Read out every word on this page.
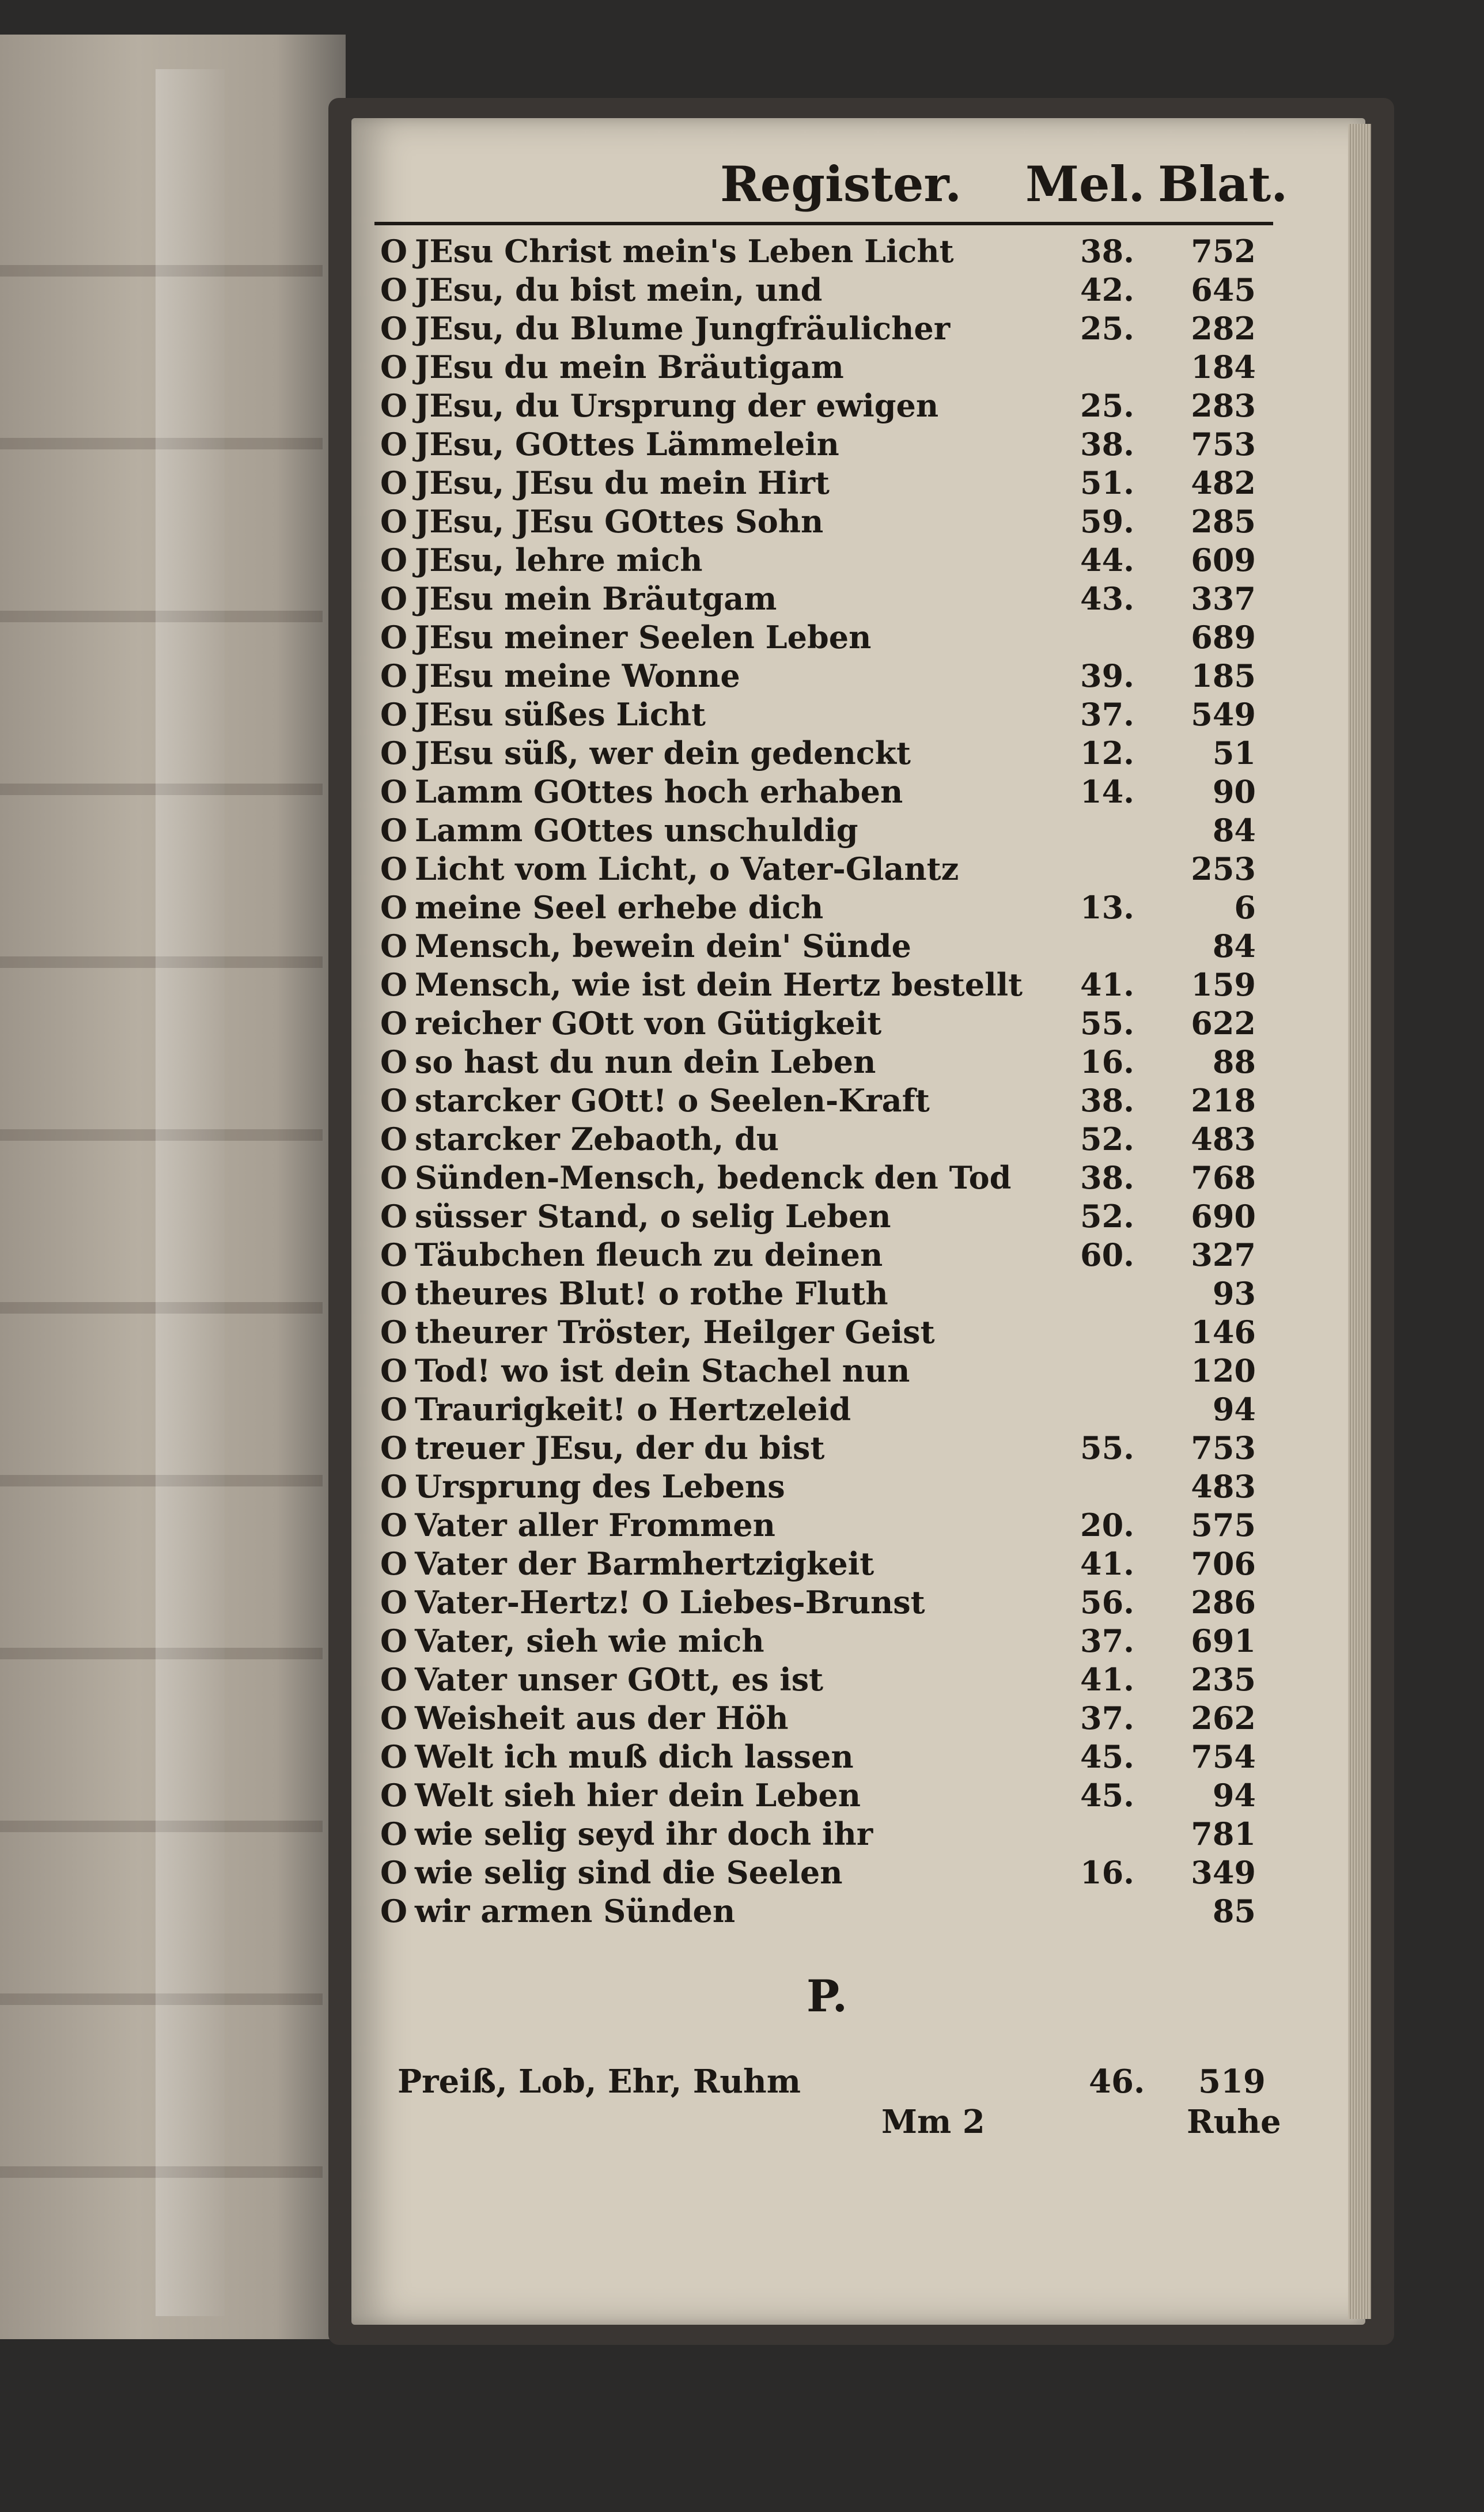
Register. Mel. Blat.
O JEsu Christ mein's Leben Licht	38.	752
O JEsu, du bist mein, und	42.	645
O JEsu, du Blume Jungfräulicher	25.	282
O JEsu du mein Bräutigam	184
O JEsu, du Ursprung der ewigen	25.	283
O JEsu, GOttes Lämmelein	38.	753
O JEsu, JEsu du mein Hirt	51.	482
O JEsu, JEsu GOttes Sohn	59.	285
O JEsu, lehre mich	44.	609
O JEsu mein Bräutgam	43.	337
O JEsu meiner Seelen Leben	689
O JEsu meine Wonne	39.	185
O JEsu süßes Licht	37.	549
O JEsu süß, wer dein gedenckt	12.	51
O Lamm GOttes hoch erhaben	14.	90
O Lamm GOttes unschuldig	84
O Licht vom Licht, o Vater-Glantz	253
O meine Seel erhebe dich	13.	6
O Mensch, bewein dein' Sünde	84
O Mensch, wie ist dein Hertz bestellt 41.	159
O reicher GOtt von Gütigkeit	55.	622
O so hast du nun dein Leben	16.	88
O starcker GOtt! o Seelen-Kraft	38.	218
O starcker Zebaoth, du	52.	483
O Sünden-Mensch, bedenck den Tod 38.	768
O süsser Stand, o selig Leben	52.	690
O Täubchen fleuch zu deinen	60.	327
O theures Blut! o rothe Fluth	93
O theurer Tröster, Heilger Geist	146
O Tod! wo ist dein Stachel nun	120
O Traurigkeit! o Hertzeleid	94
O treuer JEsu, der du bist	55.	753
O Ursprung des Lebens	483
O Vater aller Frommen	20.	575
O Vater der Barmhertzigkeit	41.	706
O Vater-Hertz! O Liebes-Brunst	56.	286
O Vater, sieh wie mich	37.	691
O Vater unser GOtt, es ist	41.	235
O Weisheit aus der Höh	37.	262
O Welt ich muß dich lassen	45.	754
O Welt sieh hier dein Leben	45.	94
O wie selig seyd ihr doch ihr	781
O wie selig sind die Seelen	16.	349
O wir armen Sünden	85
P.
Preiß, Lob, Ehr, Ruhm	46. 519
Mm 2	Ruhe
